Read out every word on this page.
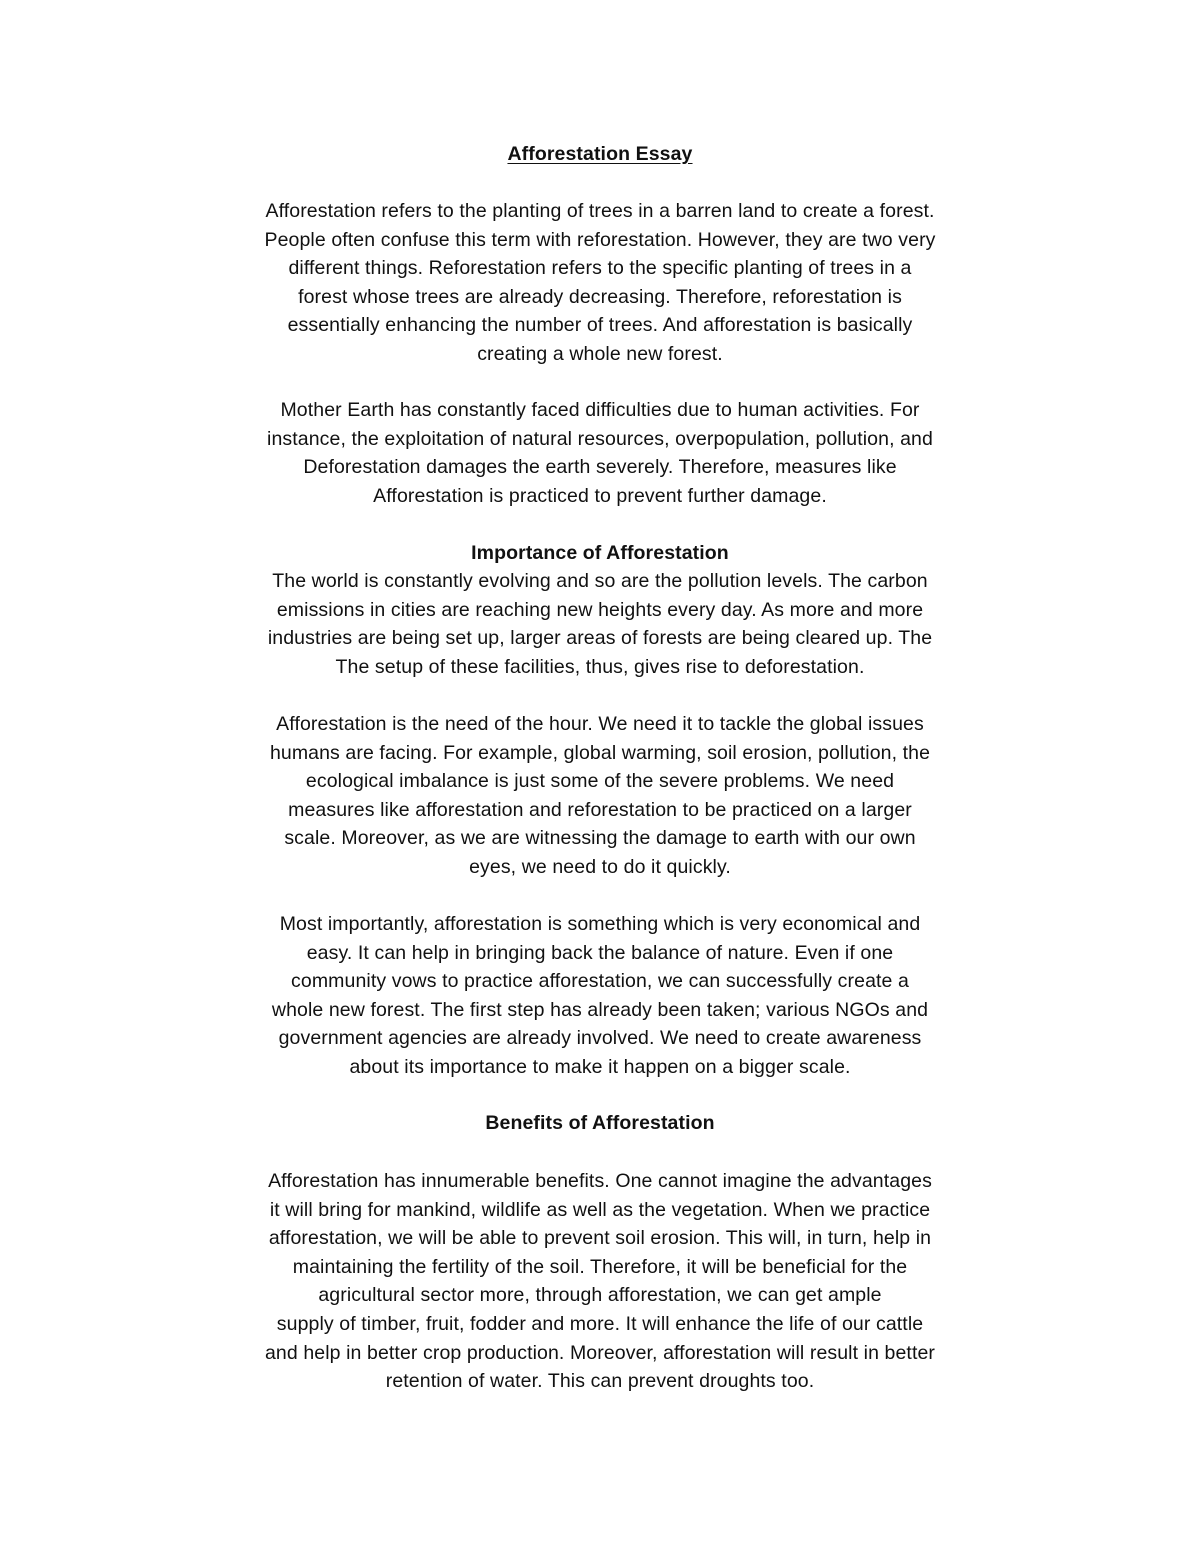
Afforestation Essay
Afforestation refers to the planting of trees in a barren land to create a forest.
People often confuse this term with reforestation. However, they are two very
different things. Reforestation refers to the specific planting of trees in a
forest whose trees are already decreasing. Therefore, reforestation is
essentially enhancing the number of trees. And afforestation is basically
creating a whole new forest.
Mother Earth has constantly faced difficulties due to human activities. For
instance, the exploitation of natural resources, overpopulation, pollution, and
Deforestation damages the earth severely. Therefore, measures like
Afforestation is practiced to prevent further damage.
Importance of Afforestation
The world is constantly evolving and so are the pollution levels. The carbon
emissions in cities are reaching new heights every day. As more and more
industries are being set up, larger areas of forests are being cleared up. The
The setup of these facilities, thus, gives rise to deforestation.
Afforestation is the need of the hour. We need it to tackle the global issues
humans are facing. For example, global warming, soil erosion, pollution, the
ecological imbalance is just some of the severe problems. We need
measures like afforestation and reforestation to be practiced on a larger
scale. Moreover, as we are witnessing the damage to earth with our own
eyes, we need to do it quickly.
Most importantly, afforestation is something which is very economical and
easy. It can help in bringing back the balance of nature. Even if one
community vows to practice afforestation, we can successfully create a
whole new forest. The first step has already been taken; various NGOs and
government agencies are already involved. We need to create awareness
about its importance to make it happen on a bigger scale.
Benefits of Afforestation
Afforestation has innumerable benefits. One cannot imagine the advantages
it will bring for mankind, wildlife as well as the vegetation. When we practice
afforestation, we will be able to prevent soil erosion. This will, in turn, help in
maintaining the fertility of the soil. Therefore, it will be beneficial for the
agricultural sector more, through afforestation, we can get ample
supply of timber, fruit, fodder and more. It will enhance the life of our cattle
and help in better crop production. Moreover, afforestation will result in better
retention of water. This can prevent droughts too.
